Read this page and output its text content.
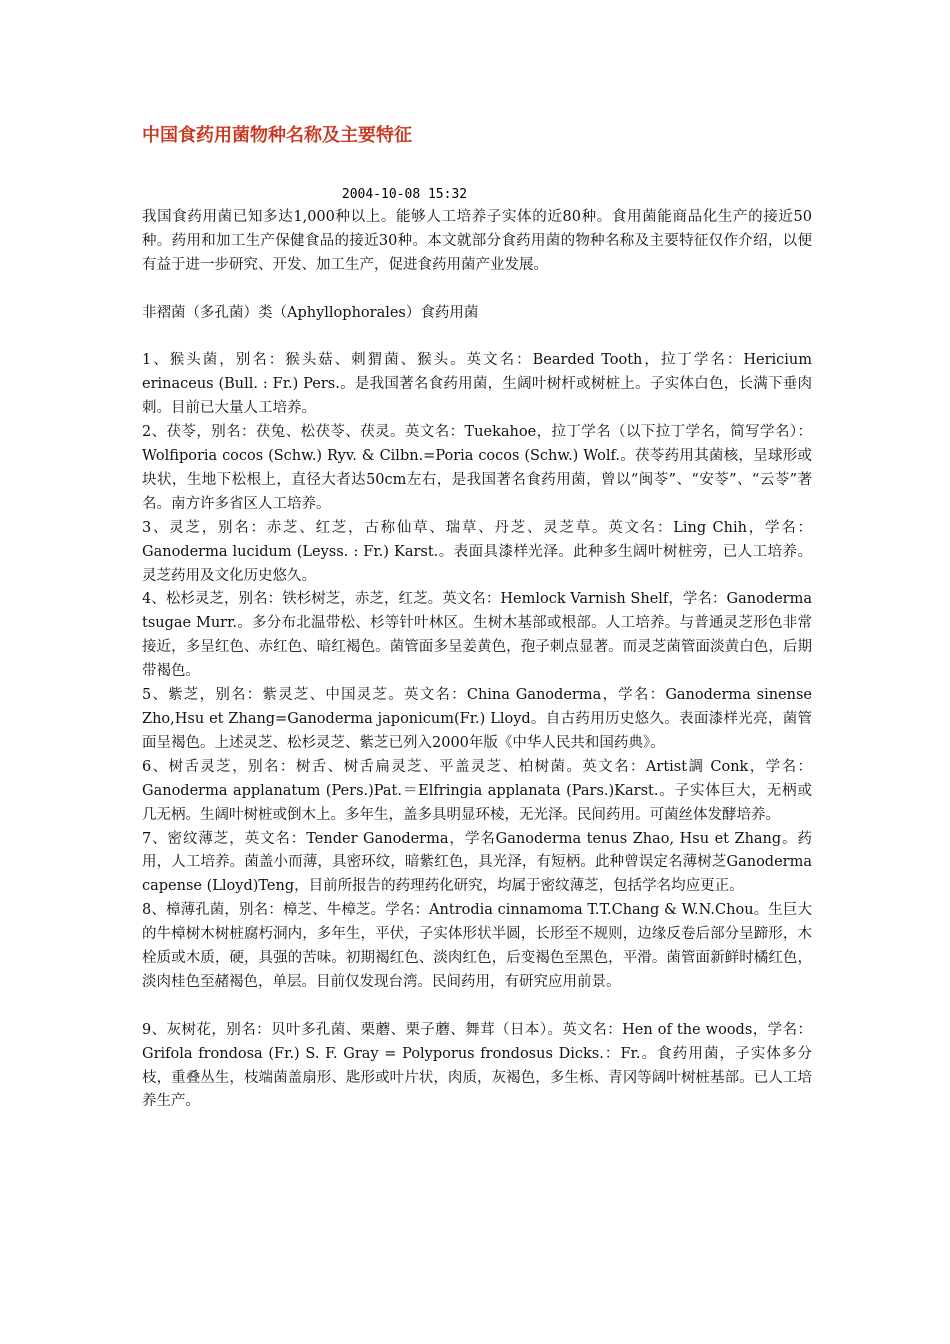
中国食药用菌物种名称及主要特征
2004-10-08 15:32
我国食药用菌已知多达1,000种以上。能够人工培养子实体的近80种。食用菌能商品化生产的接近50种。药用和加工生产保健食品的接近30种。本文就部分食药用菌的物种名称及主要特征仅作介绍，以便有益于进一步研究、开发、加工生产，促进食药用菌产业发展。
非褶菌（多孔菌）类（Aphyllophorales）食药用菌
1、猴头菌，别名：猴头菇、刺猬菌、猴头。英文名：Bearded Tooth，拉丁学名：Hericium erinaceus (Bull. : Fr.) Pers.。是我国著名食药用菌，生阔叶树杆或树桩上。子实体白色，长满下垂肉刺。目前已大量人工培养。
2、茯苓，别名：茯兔、松茯苓、茯灵。英文名：Tuekahoe，拉丁学名（以下拉丁学名，简写学名）：Wolfiporia cocos (Schw.) Ryv. & Cilbn.=Poria cocos (Schw.) Wolf.。茯苓药用其菌核，呈球形或块状，生地下松根上，直径大者达50cm左右，是我国著名食药用菌，曾以“闽苓”、“安苓”、“云苓”著名。南方许多省区人工培养。
3、灵芝，别名：赤芝、红芝，古称仙草、瑞草、丹芝、灵芝草。英文名：Ling Chih，学名：Ganoderma lucidum (Leyss. : Fr.) Karst.。表面具漆样光泽。此种多生阔叶树桩旁，已人工培养。灵芝药用及文化历史悠久。
4、松杉灵芝，别名：铁杉树芝，赤芝，红芝。英文名：Hemlock Varnish Shelf，学名：Ganoderma tsugae Murr.。多分布北温带松、杉等针叶林区。生树木基部或根部。人工培养。与普通灵芝形色非常接近，多呈红色、赤红色、暗红褐色。菌管面多呈姜黄色，孢子刺点显著。而灵芝菌管面淡黄白色，后期带褐色。
5、紫芝，别名：紫灵芝、中国灵芝。英文名：China Ganoderma，学名：Ganoderma sinense Zho,Hsu et Zhang=Ganoderma japonicum(Fr.) Lloyd。自古药用历史悠久。表面漆样光亮，菌管面呈褐色。上述灵芝、松杉灵芝、紫芝已列入2000年版《中华人民共和国药典》。
6、树舌灵芝，别名：树舌、树舌扁灵芝、平盖灵芝、柏树菌。英文名：Artist調 Conk，学名：Ganoderma applanatum (Pers.)Pat.＝Elfringia applanata (Pars.)Karst.。子实体巨大，无柄或几无柄。生阔叶树桩或倒木上。多年生，盖多具明显环棱，无光泽。民间药用。可菌丝体发酵培养。
7、密纹薄芝，英文名：Tender Ganoderma，学名Ganoderma tenus Zhao, Hsu et Zhang。药用，人工培养。菌盖小而薄，具密环纹，暗紫红色，具光泽，有短柄。此种曾误定名薄树芝Ganoderma capense (Lloyd)Teng，目前所报告的药理药化研究，均属于密纹薄芝，包括学名均应更正。
8、樟薄孔菌，别名：樟芝、牛樟芝。学名：Antrodia cinnamoma T.T.Chang & W.N.Chou。生巨大的牛樟树木树桩腐朽洞内，多年生，平伏，子实体形状半圆，长形至不规则，边缘反卷后部分呈蹄形，木栓质或木质，硬，具强的苦味。初期褐红色、淡肉红色，后变褐色至黑色，平滑。菌管面新鲜时橘红色，淡肉桂色至赭褐色，单层。目前仅发现台湾。民间药用，有研究应用前景。
9、灰树花，别名：贝叶多孔菌、栗蘑、栗子蘑、舞茸（日本）。英文名：Hen of the woods，学名：Grifola frondosa (Fr.) S. F. Gray = Polyporus frondosus Dicks.：Fr.。食药用菌，子实体多分枝，重叠丛生，枝端菌盖扇形、匙形或叶片状，肉质，灰褐色，多生栎、青冈等阔叶树桩基部。已人工培养生产。
